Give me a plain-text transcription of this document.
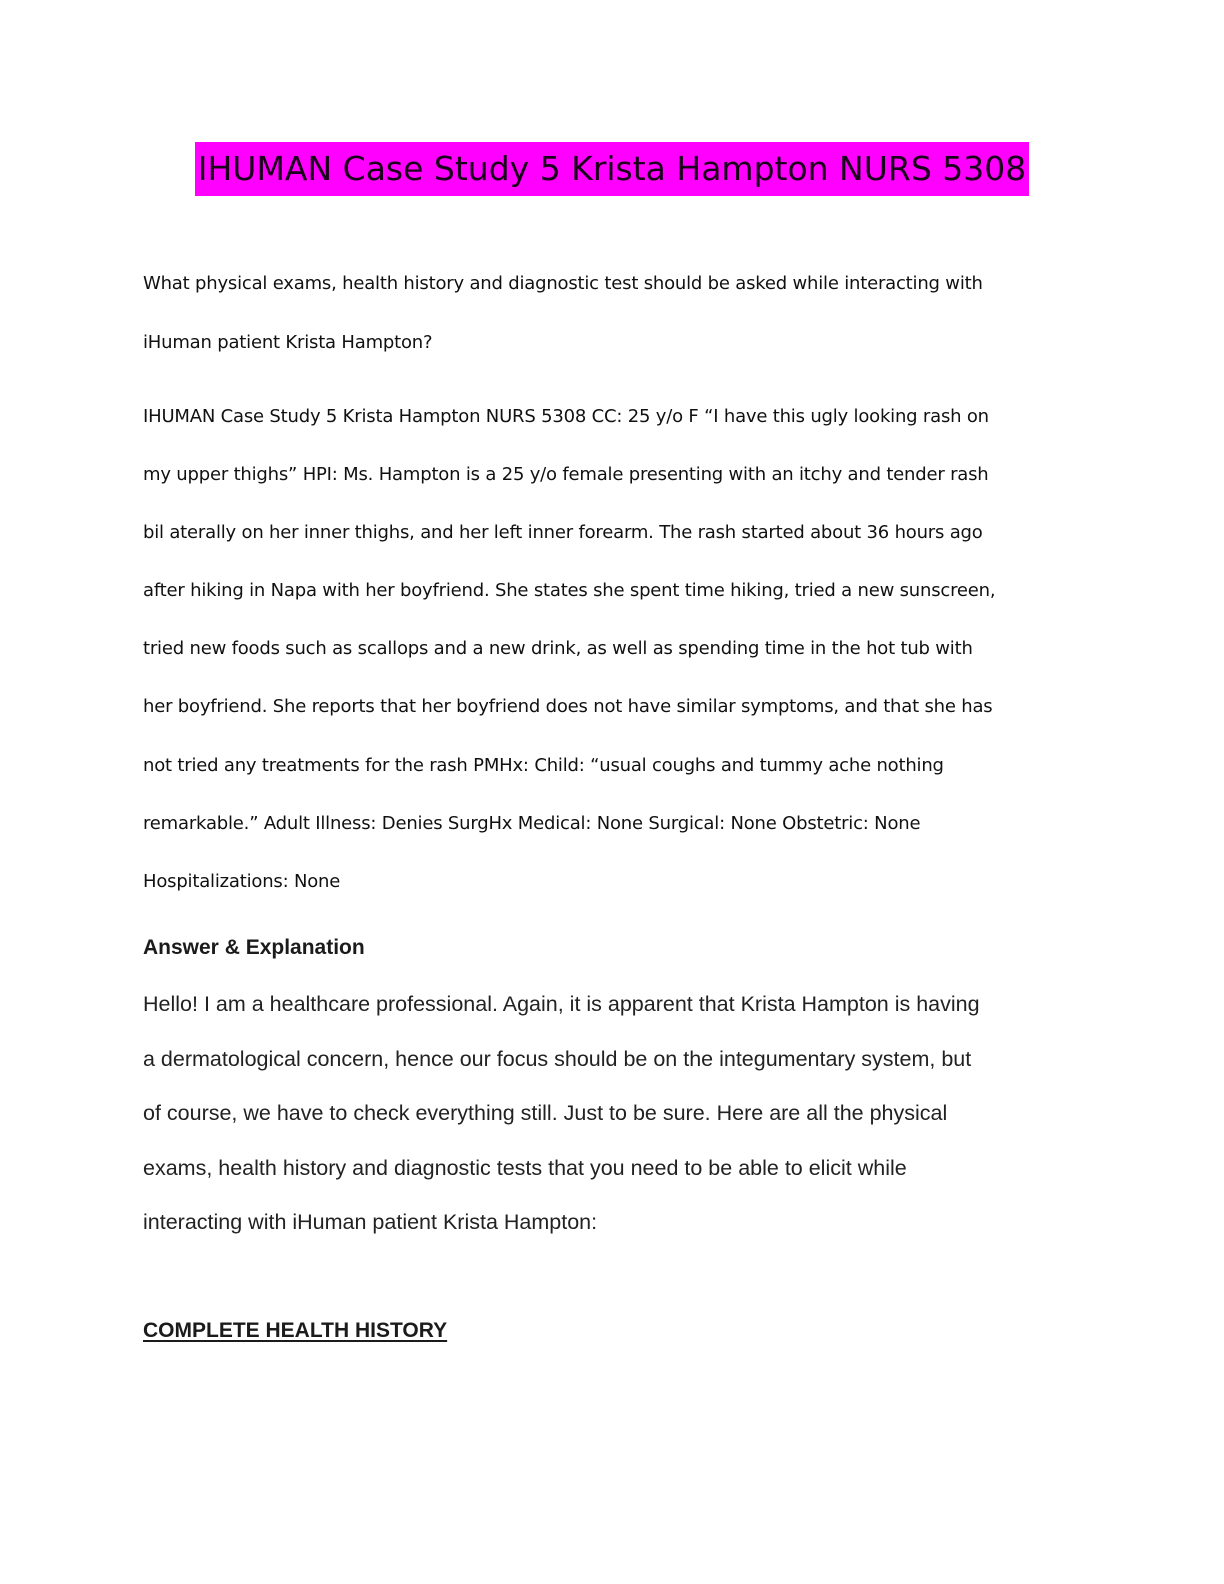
IHUMAN Case Study 5 Krista Hampton NURS 5308
What physical exams, health history and diagnostic test should be asked while interacting with
iHuman patient Krista Hampton?
IHUMAN Case Study 5 Krista Hampton NURS 5308 CC: 25 y/o F “I have this ugly looking rash on
my upper thighs” HPI: Ms. Hampton is a 25 y/o female presenting with an itchy and tender rash
bil aterally on her inner thighs, and her left inner forearm. The rash started about 36 hours ago
after hiking in Napa with her boyfriend. She states she spent time hiking, tried a new sunscreen,
tried new foods such as scallops and a new drink, as well as spending time in the hot tub with
her boyfriend. She reports that her boyfriend does not have similar symptoms, and that she has
not tried any treatments for the rash PMHx: Child: “usual coughs and tummy ache nothing
remarkable.” Adult Illness: Denies SurgHx Medical: None Surgical: None Obstetric: None
Hospitalizations: None
Answer & Explanation
Hello! I am a healthcare professional. Again, it is apparent that Krista Hampton is having
a dermatological concern, hence our focus should be on the integumentary system, but
of course, we have to check everything still. Just to be sure. Here are all the physical
exams, health history and diagnostic tests that you need to be able to elicit while
interacting with iHuman patient Krista Hampton:
COMPLETE HEALTH HISTORY
